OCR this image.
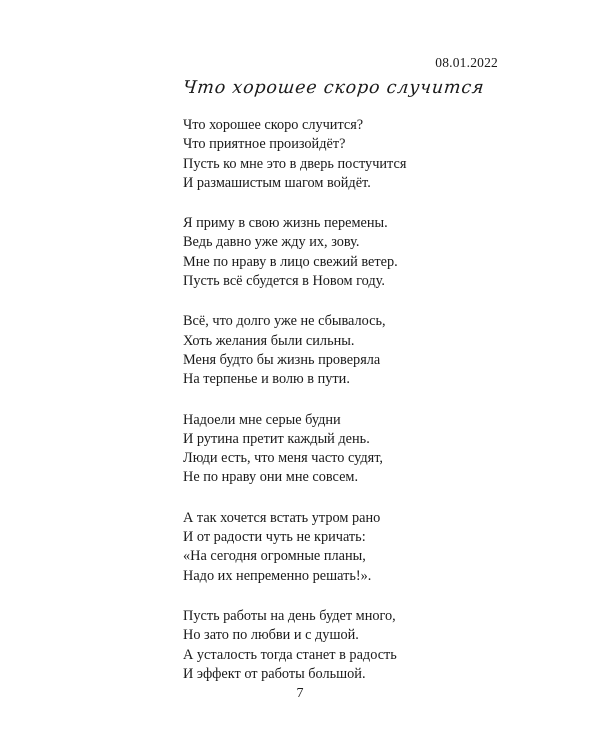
08.01.2022
Что хорошее скоро случится
Что хорошее скоро случится?
Что приятное произойдёт?
Пусть ко мне это в дверь постучится
И размашистым шагом войдёт.
Я приму в свою жизнь перемены.
Ведь давно уже жду их, зову.
Мне по нраву в лицо свежий ветер.
Пусть всё сбудется в Новом году.
Всё, что долго уже не сбывалось,
Хоть желания были сильны.
Меня будто бы жизнь проверяла
На терпенье и волю в пути.
Надоели мне серые будни
И рутина претит каждый день.
Люди есть, что меня часто судят,
Не по нраву они мне совсем.
А так хочется встать утром рано
И от радости чуть не кричать:
«На сегодня огромные планы,
Надо их непременно решать!».
Пусть работы на день будет много,
Но зато по любви и с душой.
А усталость тогда станет в радость
И эффект от работы большой.
7
